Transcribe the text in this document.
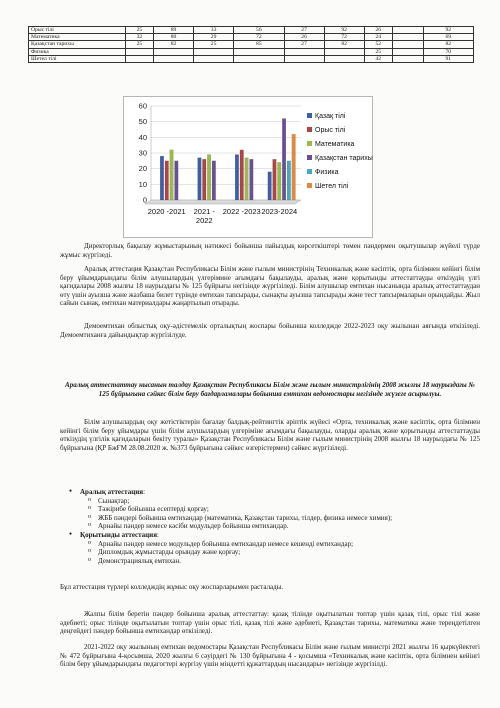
Орыс тілі	25	89	33	56	27	92	26		92
Математика	32	80	29	72	26	72	24		69
Қазақстан тарихы	25	82	25	85	27	82	52		82
Физика							25		70
Шетел тілі							42		91
0
10
20
30
40
50
60
2020 -2021 2021 -
2022
2022 -2023 2023-2024
Қазақ тілі
Орыс тілі
Математика
Қазақстан тарихы
Физика
Шетел тілі

Директорлық бақылау жұмыстарының нәтижесі бойынша пайыздық көрсеткіштері төмен пәндермен оқытушылар жүйелі түрде жұмыс жүргізеді.

Аралық аттестация Қазақстан Республикасы Білім және ғылым министрінің Техникалық және кәсіптік, орта білімнен кейінгі білім беру ұйымдарындағы білім алушылардың үлгерімине ағымдағы бақылауды, аралық және қорытынды аттестаттауды өткізудің үлгі қағидалары 2008 жылғы 18 наурыздағы № 125 бұйрығы негізінде жүргізіледі. Білім алушылар емтихан нысанында аралық аттестаттаудан өту үшін ауызша және жазбаша билет түрінде емтихан тапсырады, сынақты ауызша тапсырады және тест тапсырмаларын орындайды. Жыл сайын сынақ, емтихан материалдары жаңартылып отырады.

Демоемтихан облыстық оқу-әдістемелік орталықтың жоспары бойынша колледжде 2022-2023 оқу жылынан аяғында өткізіледі. Демоемтиханға дайындықтар жүргізілуде.

Аралық аттестаттау нысанын талдау Қазақстан Республикасы Білім және ғылым министрлігінің 2008 жылғы 18 наурыздағы № 125 бұйрығына сәйкес білім беру бағдарламалары бойынша емтихан ведомостары негізінде жүзеге асырылуы.

Білім алушылардың оқу жетістіктерін бағалау балдық-рейтингтік әріптік жүйесі «Орта, техникалық және кәсіптік, орта білімнен кейінгі білім беру ұйымдары үшін білім алушылардың үлгеріміне ағымдағы бақылауды, оларды аралық және қорытынды аттестаттауды өткізудің үлгілік қағидаларын бекіту туралы» Қазақстан Республикасы Білім және ғылым министрінің 2008 жылғы 18 наурыздағы № 125 бұйрығына (ҚР БжҒМ 28.08.2020 ж. №373 бұйрығына сәйкес өзгерістермен) сәйкес жүргізіледі.

● Аралық аттестация:
o Сынақтар;
o Тәжірибе бойынша есептерді қорғау;
o ЖББ пәндері бойынша емтихандар (математика, Қазақстан тарихы, тілдер, физика немесе химия);
o Арнайы пәндер немесе кәсіби модульдер бойынша емтихандар.
● Қорытынды аттестация:
o Арнайы пәндер немесе модульдер бойынша емтихандар немесе кешенді емтихандар;
o Дипломдық жұмыстарды орындау және қорғау;
o Демонстрациялық емтихан.

Бұл аттестация түрлері колледждің жұмыс оқу жоспарларымен расталады.

Жалпы білім беретін пәндер бойынша аралық аттестаттау: қазақ тілінде оқытылатын топтар үшін қазақ тілі, орыс тілі және әдебиеті; орыс тілінде оқытылатын топтар үшін орыс тілі, қазақ тілі және әдебиеті, Қазақстан тарихы, математика және тереңдетілген деңгейдегі пәндер бойынша емтихандар өткізіледі.

2021-2022 оқу жылының емтихан ведомостары Қазақстан Республикасы Білім және ғылым министрі 2021 жылғы 16 қыркүйектегі № 472 бұйрығына 4-қосымша, 2020 жылғы 6 сәуірдегі № 130 бұйрығына 4 - қосымша «Техникалық және кәсіптік, орта білімнен кейінгі білім беру ұйымдарындағы педагогтері жүргізу үшін міндетті құжаттардың нысандары» негізінде жүргізілді.
